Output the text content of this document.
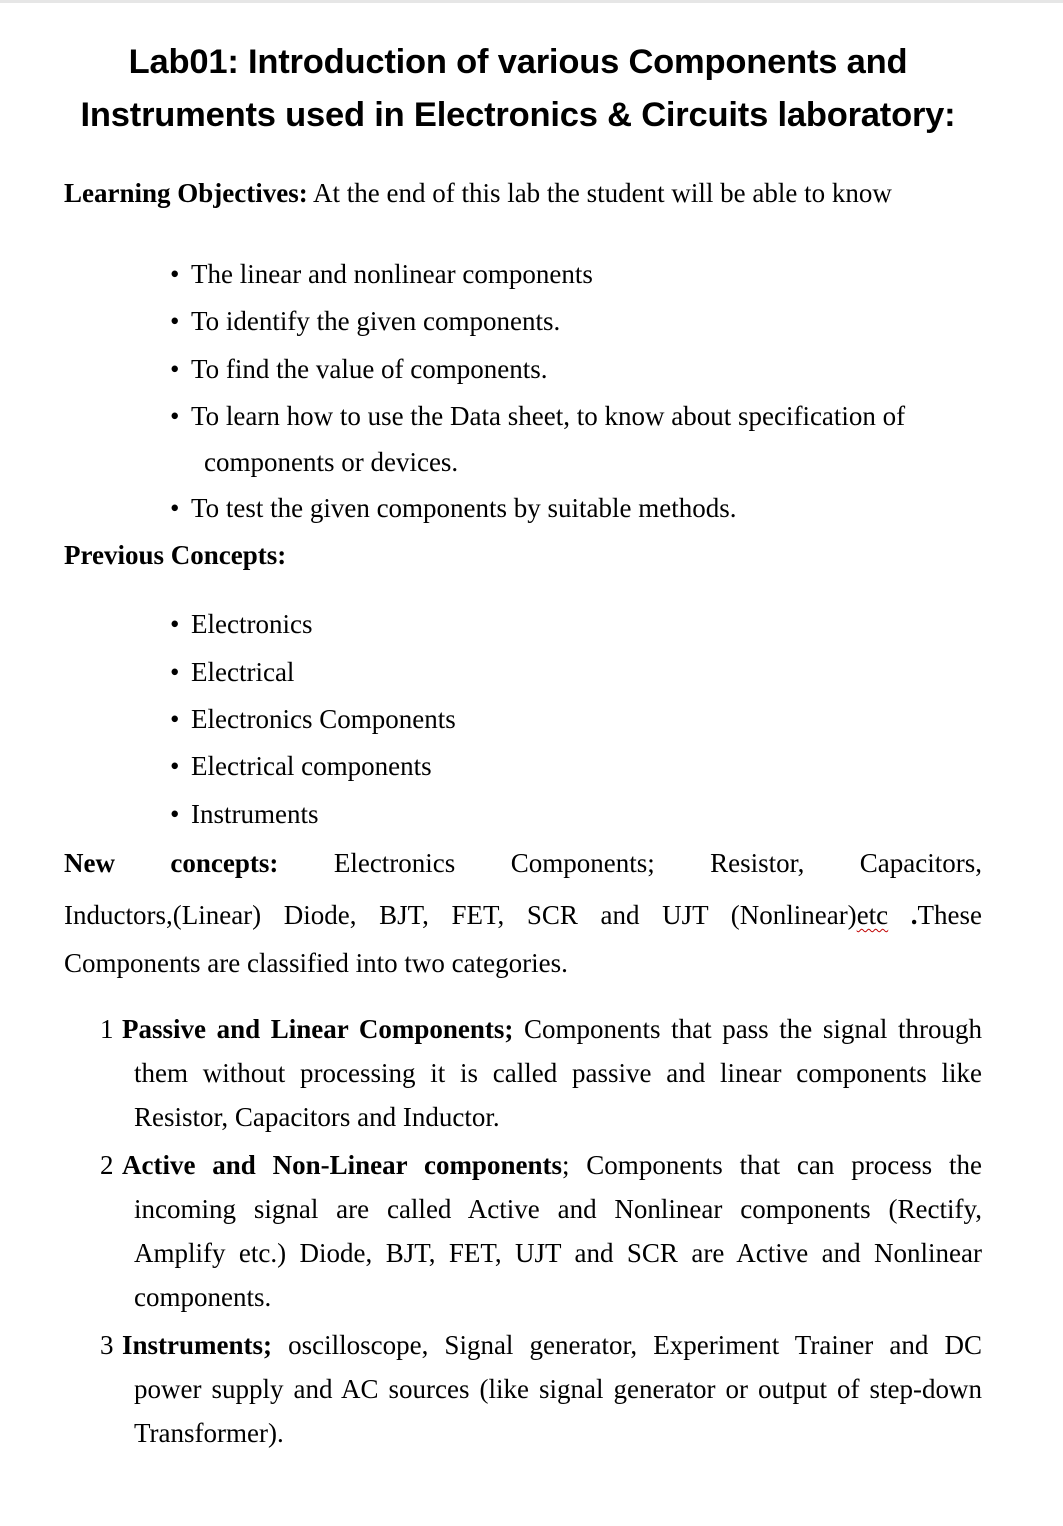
Lab01: Introduction of various Components and
Instruments used in Electronics & Circuits laboratory:

Learning Objectives: At the end of this lab the student will be able to know

• The linear and nonlinear components
• To identify the given components.
• To find the value of components.
• To learn how to use the Data sheet, to know about specification of
components or devices.
• To test the given components by suitable methods.

Previous Concepts:

• Electronics
• Electrical
• Electronics Components
• Electrical components
• Instruments

New concepts: Electronics Components; Resistor, Capacitors,

Inductors,(Linear) Diode, BJT, FET, SCR and UJT (Nonlinear)etc .These

Components are classified into two categories.

1 Passive and Linear Components; Components that pass the signal through them without processing it is called passive and linear components like Resistor, Capacitors and Inductor.
2 Active and Non-Linear components; Components that can process the incoming signal are called Active and Nonlinear components (Rectify, Amplify etc.) Diode, BJT, FET, UJT and SCR are Active and Nonlinear components.
3 Instruments; oscilloscope, Signal generator, Experiment Trainer and DC power supply and AC sources (like signal generator or output of step-down Transformer).
